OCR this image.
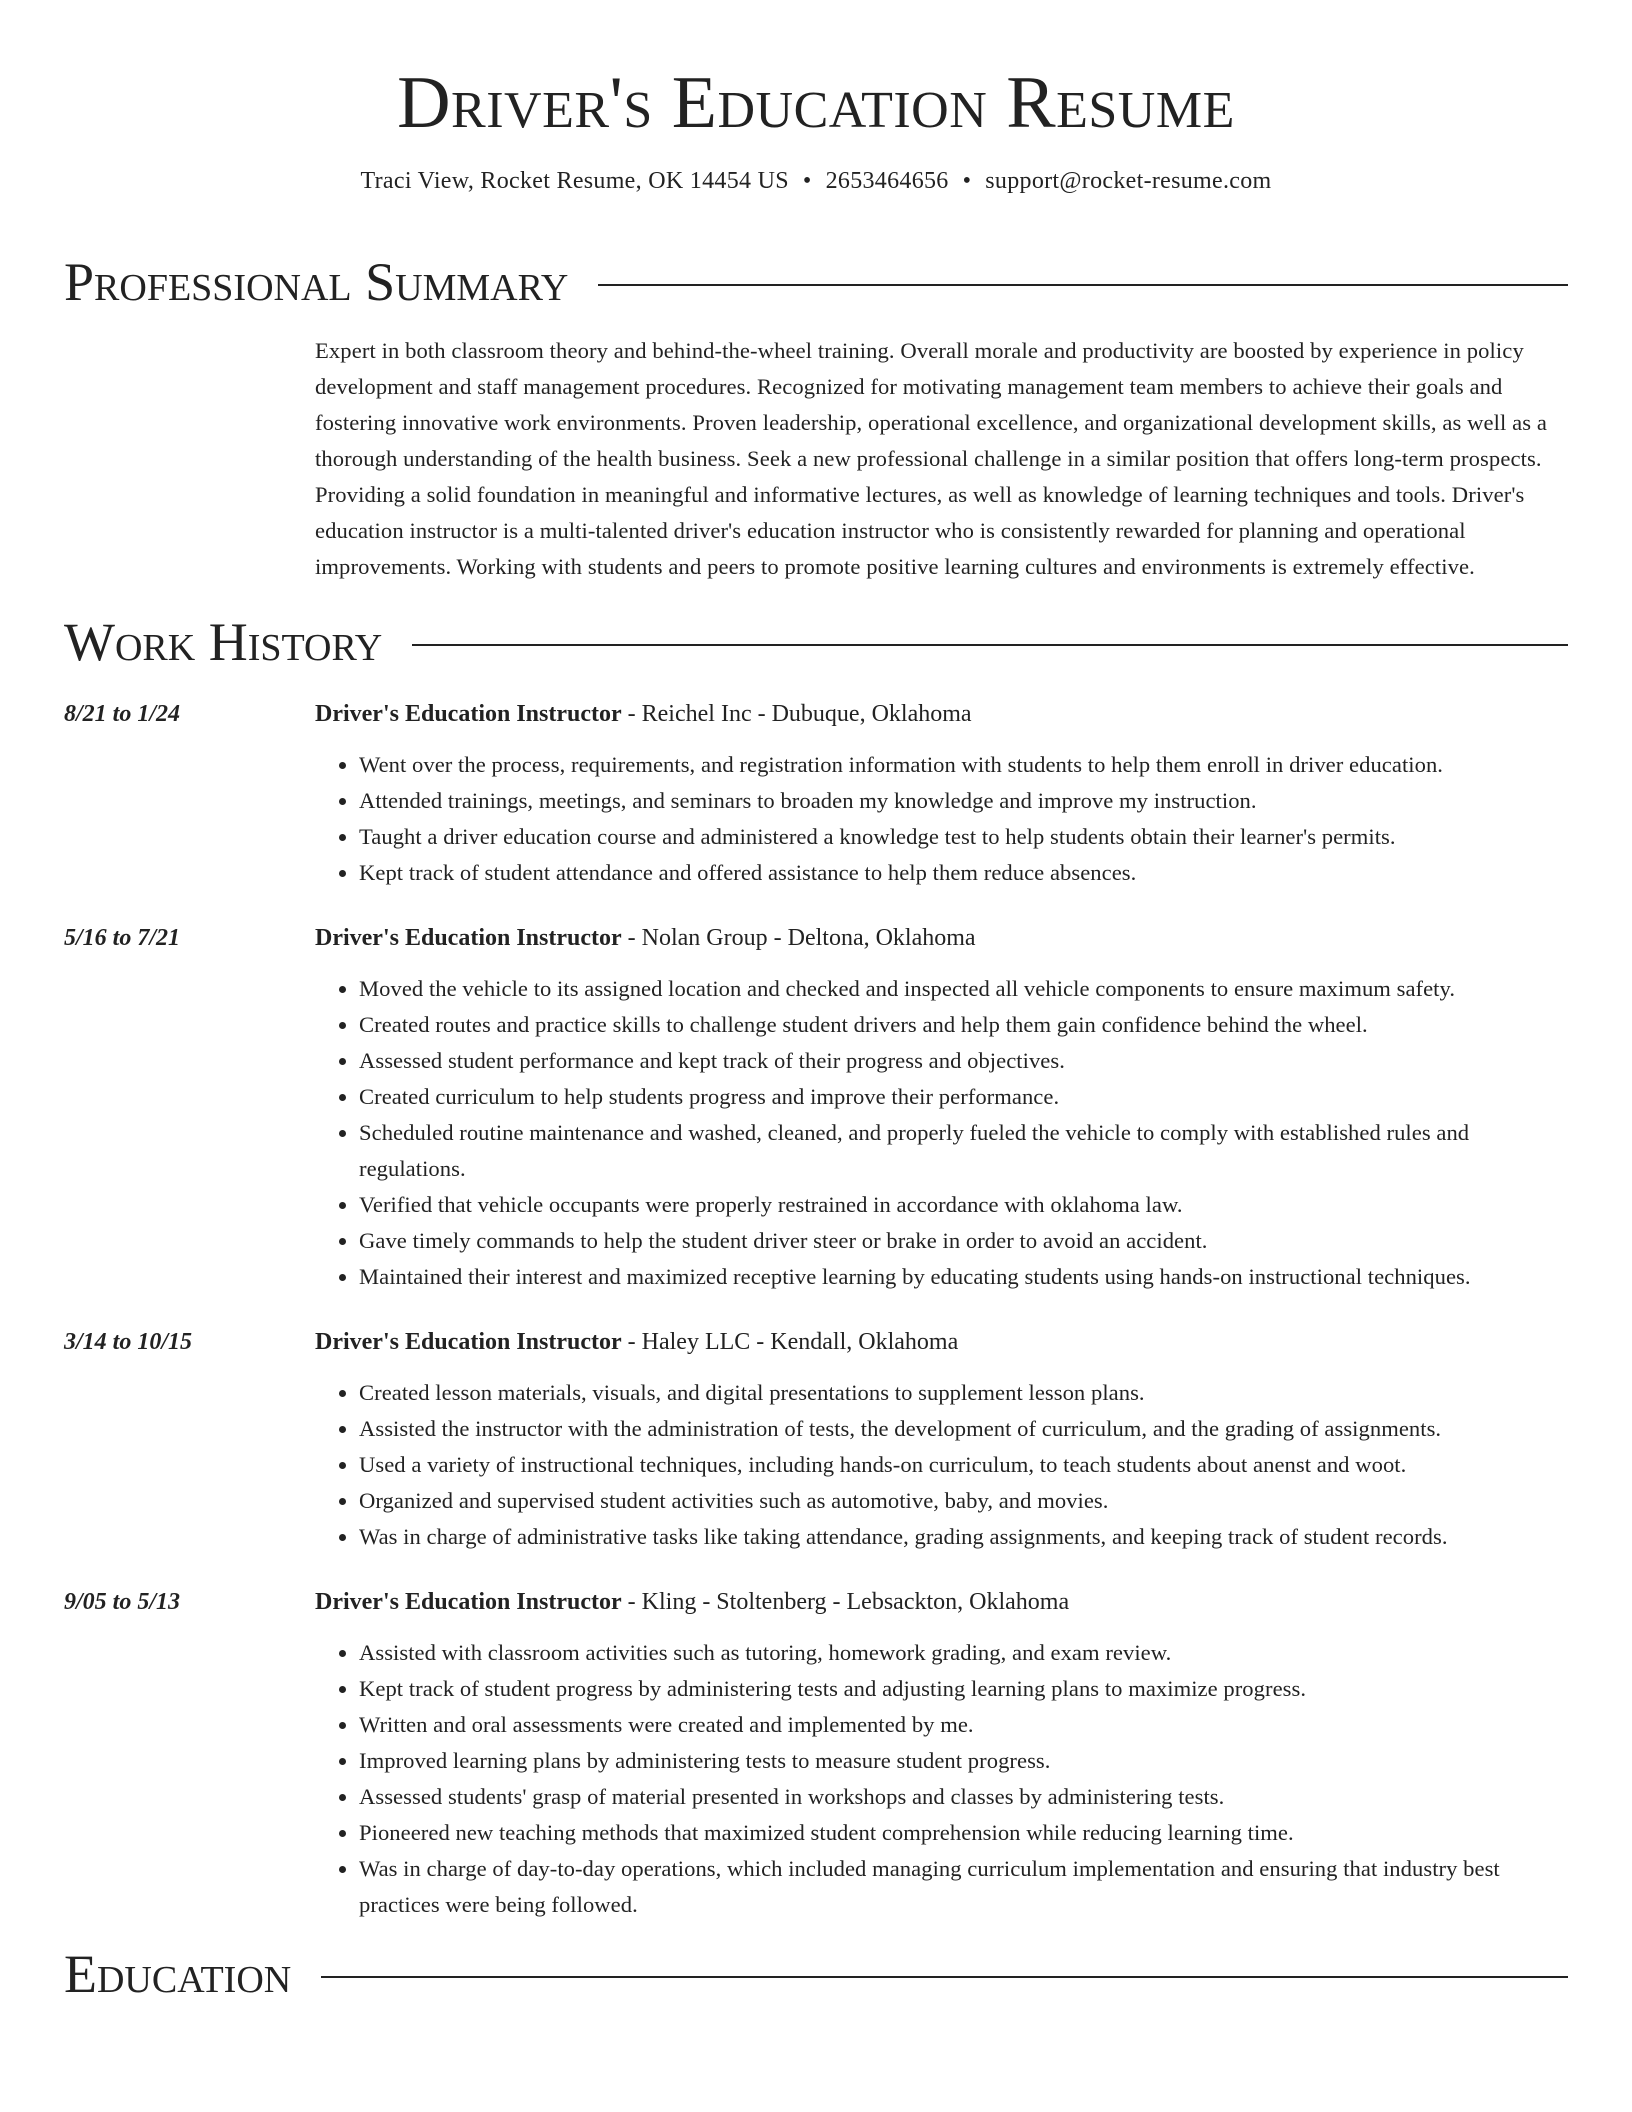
Driver's Education Resume
Traci View, Rocket Resume, OK 14454 US • 2653464656 • support@rocket-resume.com
Professional Summary
Expert in both classroom theory and behind-the-wheel training. Overall morale and productivity are boosted by experience in policy development and staff management procedures. Recognized for motivating management team members to achieve their goals and fostering innovative work environments. Proven leadership, operational excellence, and organizational development skills, as well as a thorough understanding of the health business. Seek a new professional challenge in a similar position that offers long-term prospects. Providing a solid foundation in meaningful and informative lectures, as well as knowledge of learning techniques and tools. Driver's education instructor is a multi-talented driver's education instructor who is consistently rewarded for planning and operational improvements. Working with students and peers to promote positive learning cultures and environments is extremely effective.
Work History
8/21 to 1/24	Driver's Education Instructor - Reichel Inc - Dubuque, Oklahoma
• Went over the process, requirements, and registration information with students to help them enroll in driver education.
• Attended trainings, meetings, and seminars to broaden my knowledge and improve my instruction.
• Taught a driver education course and administered a knowledge test to help students obtain their learner's permits.
• Kept track of student attendance and offered assistance to help them reduce absences.
5/16 to 7/21	Driver's Education Instructor - Nolan Group - Deltona, Oklahoma
• Moved the vehicle to its assigned location and checked and inspected all vehicle components to ensure maximum safety.
• Created routes and practice skills to challenge student drivers and help them gain confidence behind the wheel.
• Assessed student performance and kept track of their progress and objectives.
• Created curriculum to help students progress and improve their performance.
• Scheduled routine maintenance and washed, cleaned, and properly fueled the vehicle to comply with established rules and regulations.
• Verified that vehicle occupants were properly restrained in accordance with oklahoma law.
• Gave timely commands to help the student driver steer or brake in order to avoid an accident.
• Maintained their interest and maximized receptive learning by educating students using hands-on instructional techniques.
3/14 to 10/15	Driver's Education Instructor - Haley LLC - Kendall, Oklahoma
• Created lesson materials, visuals, and digital presentations to supplement lesson plans.
• Assisted the instructor with the administration of tests, the development of curriculum, and the grading of assignments.
• Used a variety of instructional techniques, including hands-on curriculum, to teach students about anenst and woot.
• Organized and supervised student activities such as automotive, baby, and movies.
• Was in charge of administrative tasks like taking attendance, grading assignments, and keeping track of student records.
9/05 to 5/13	Driver's Education Instructor - Kling - Stoltenberg - Lebsackton, Oklahoma
• Assisted with classroom activities such as tutoring, homework grading, and exam review.
• Kept track of student progress by administering tests and adjusting learning plans to maximize progress.
• Written and oral assessments were created and implemented by me.
• Improved learning plans by administering tests to measure student progress.
• Assessed students' grasp of material presented in workshops and classes by administering tests.
• Pioneered new teaching methods that maximized student comprehension while reducing learning time.
• Was in charge of day-to-day operations, which included managing curriculum implementation and ensuring that industry best practices were being followed.
Education
